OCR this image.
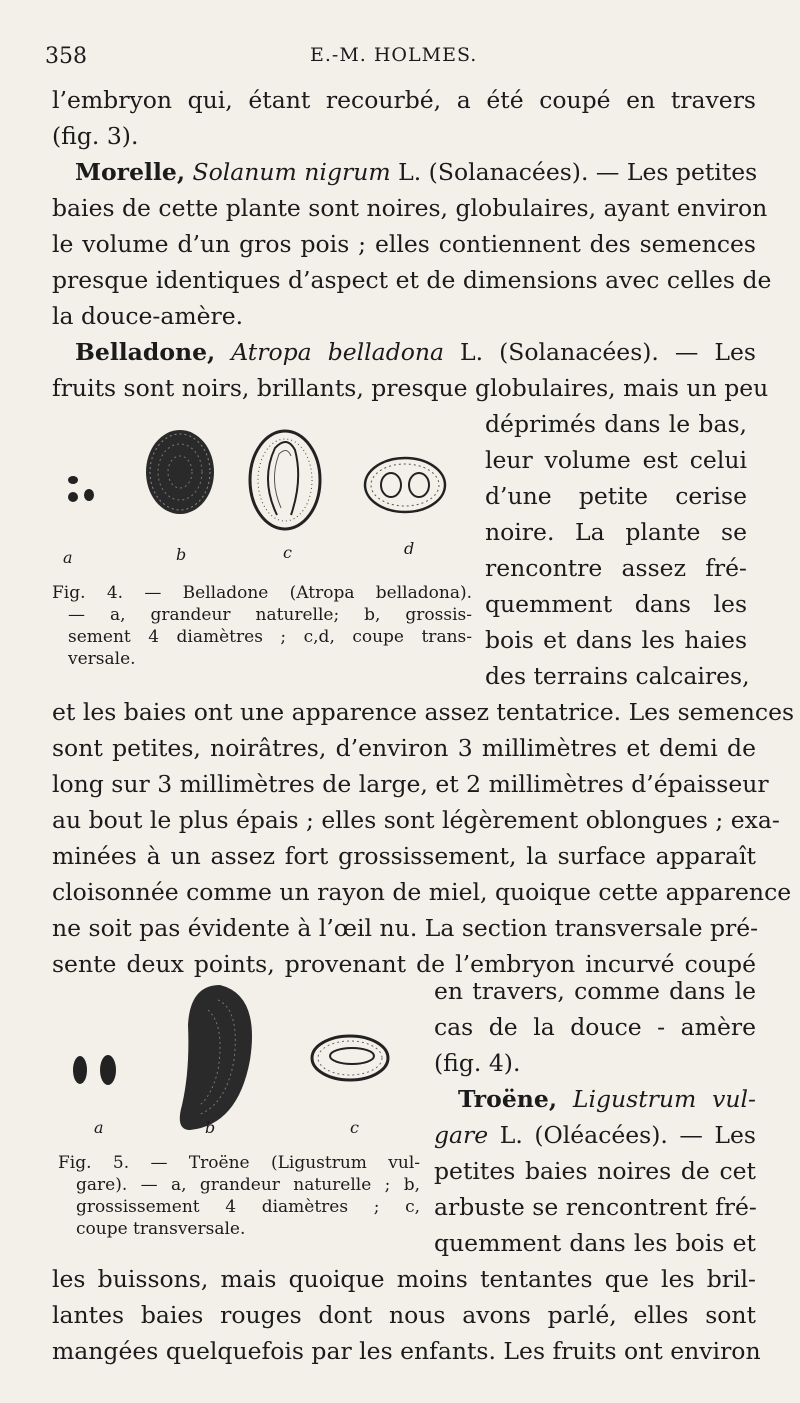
358	E.-M. HOLMES.
l’embryon qui, étant recourbé, a été coupé en travers
(fig. 3).
Morelle, Solanum nigrum L. (Solanacées). — Les petites
baies de cette plante sont noires, globulaires, ayant environ
le volume d’un gros pois ; elles contiennent des semences
presque identiques d’aspect et de dimensions avec celles de
la douce-amère.
Belladone, Atropa belladona L. (Solanacées). — Les
fruits sont noirs, brillants, presque globulaires, mais un peu
déprimés dans le bas,
leur volume est celui
d’une petite cerise
noire. La plante se
rencontre assez fré-
quemment dans les
bois et dans les haies
des terrains calcaires,
a	b	c	d
Fig. 4. — Belladone (Atropa belladona).
— a, grandeur naturelle; b, grossis-
sement 4 diamètres ; c,d, coupe trans-
versale.
et les baies ont une apparence assez tentatrice. Les semences
sont petites, noirâtres, d’environ 3 millimètres et demi de
long sur 3 millimètres de large, et 2 millimètres d’épaisseur
au bout le plus épais ; elles sont légèrement oblongues ; exa-
minées à un assez fort grossissement, la surface apparaît
cloisonnée comme un rayon de miel, quoique cette apparence
ne soit pas évidente à l’œil nu. La section transversale pré-
sente deux points, provenant de l’embryon incurvé coupé
en travers, comme dans le
cas de la douce - amère
(fig. 4).
a	b	c
Fig. 5. — Troëne (Ligustrum vul-
gare). — a, grandeur naturelle ; b,
grossissement 4 diamètres ; c,
coupe transversale.
Troëne, Ligustrum vul-
gare L. (Oléacées). — Les
petites baies noires de cet
arbuste se rencontrent fré-
quemment dans les bois et
les buissons, mais quoique moins tentantes que les bril-
lantes baies rouges dont nous avons parlé, elles sont
mangées quelquefois par les enfants. Les fruits ont environ
